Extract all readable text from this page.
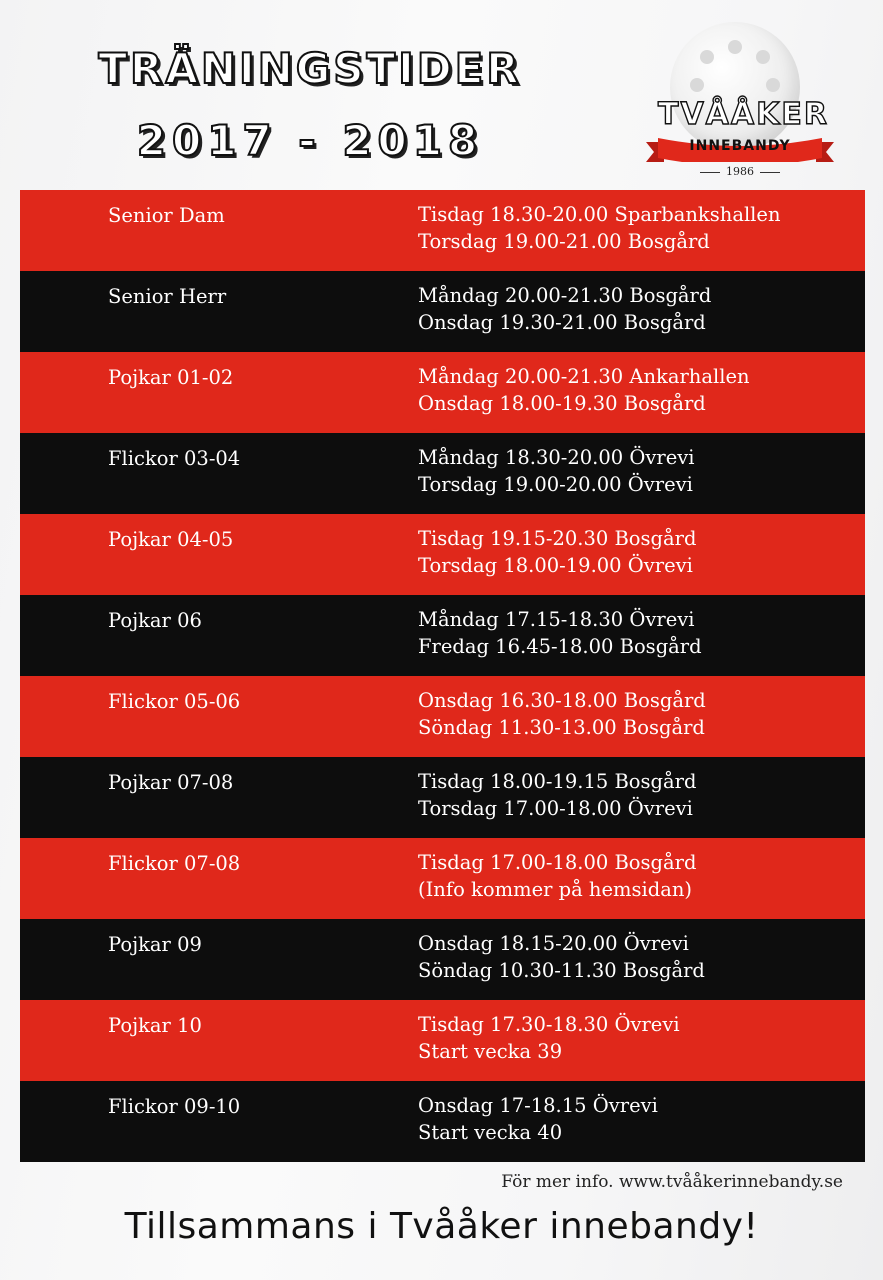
TRÄNINGSTIDER
2017 - 2018
TVÅÅKER
INNEBANDY
1986
Senior Dam	Tisdag 18.30-20.00 Sparbankshallen
Torsdag 19.00-21.00 Bosgård
Senior Herr	Måndag 20.00-21.30 Bosgård
Onsdag 19.30-21.00 Bosgård
Pojkar 01-02	Måndag 20.00-21.30 Ankarhallen
Onsdag 18.00-19.30 Bosgård
Flickor 03-04	Måndag 18.30-20.00 Övrevi
Torsdag 19.00-20.00 Övrevi
Pojkar 04-05	Tisdag 19.15-20.30 Bosgård
Torsdag 18.00-19.00 Övrevi
Pojkar 06	Måndag 17.15-18.30 Övrevi
Fredag 16.45-18.00 Bosgård
Flickor 05-06	Onsdag 16.30-18.00 Bosgård
Söndag 11.30-13.00 Bosgård
Pojkar 07-08	Tisdag 18.00-19.15 Bosgård
Torsdag 17.00-18.00 Övrevi
Flickor 07-08	Tisdag 17.00-18.00 Bosgård
(Info kommer på hemsidan)
Pojkar 09	Onsdag 18.15-20.00 Övrevi
Söndag 10.30-11.30 Bosgård
Pojkar 10	Tisdag 17.30-18.30 Övrevi
Start vecka 39
Flickor 09-10	Onsdag 17-18.15 Övrevi
Start vecka 40
För mer info. www.tvååkerinnebandy.se
Tillsammans i Tvååker innebandy!
